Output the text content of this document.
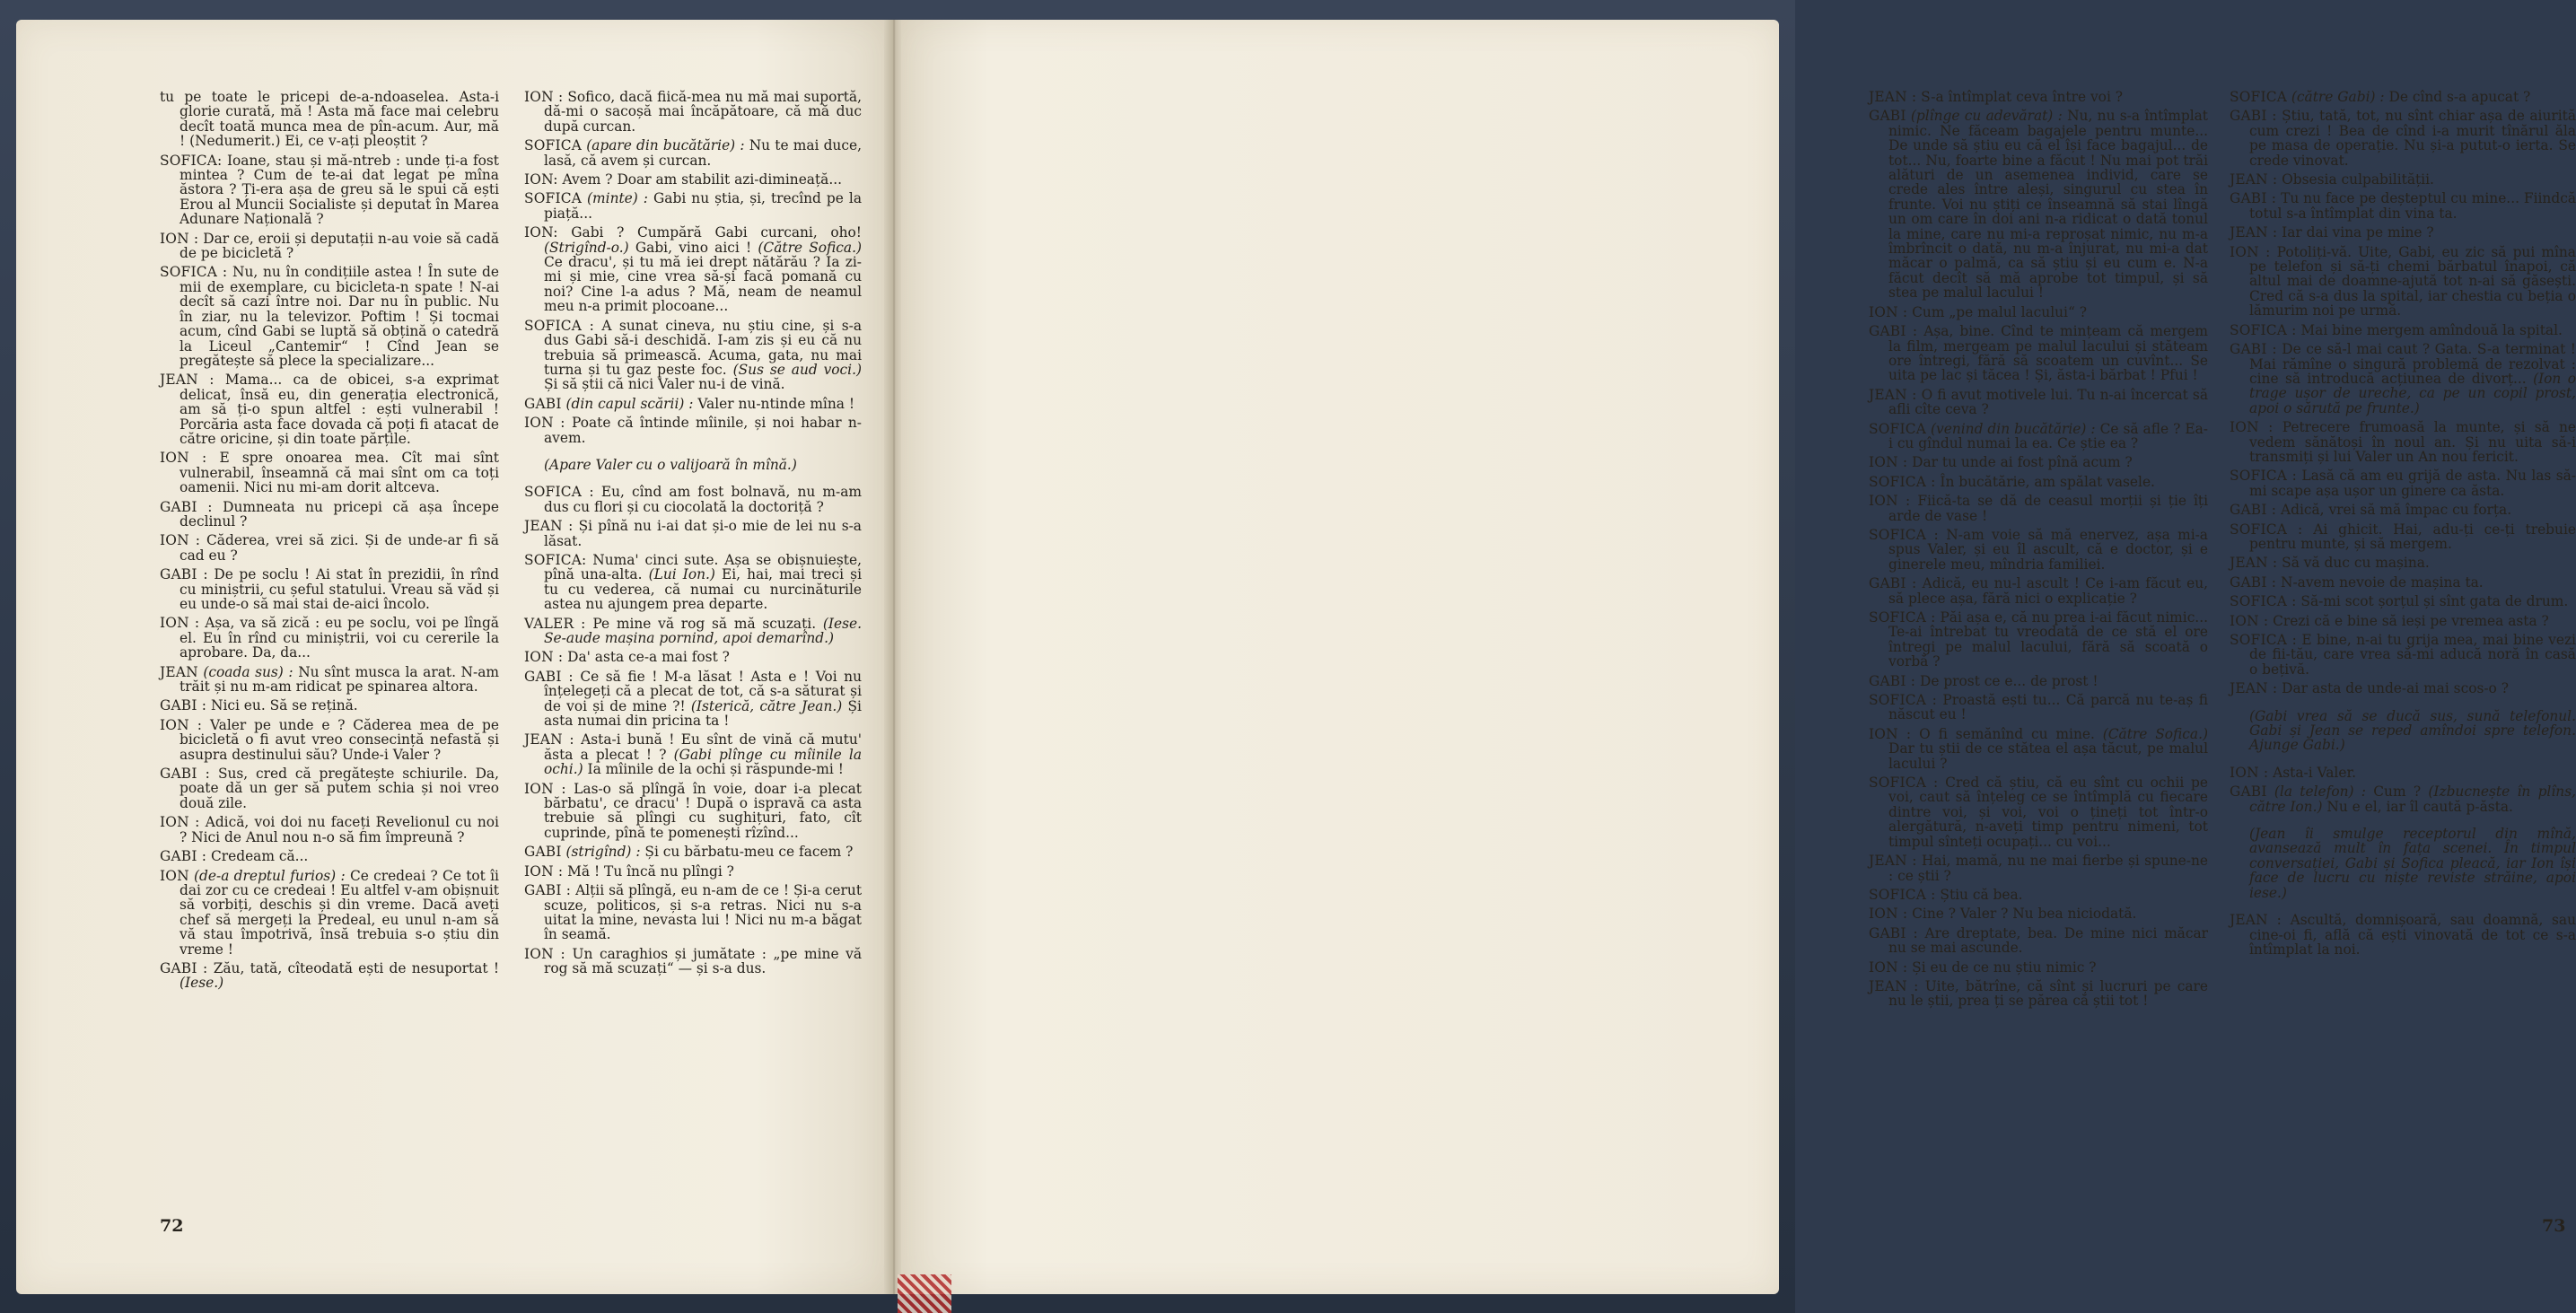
tu pe toate le pricepi de-a-ndoaselea. Asta-i glorie curată, mă ! Asta mă face mai celebru decît toată munca mea de pîn-acum. Aur, mă ! (Nedumerit.) Ei, ce v-ați pleoștit ?

SOFICA: Ioane, stau și mă-ntreb : unde ți-a fost mintea ? Cum de te-ai dat legat pe mîna ăstora ? Ți-era așa de greu să le spui că ești Erou al Muncii Socialiste și deputat în Marea Adunare Națională ?

ION : Dar ce, eroii și deputații n-au voie să cadă de pe bicicletă ?

SOFICA : Nu, nu în condițiile astea ! În sute de mii de exemplare, cu bicicleta-n spate ! N-ai decît să cazi între noi. Dar nu în public. Nu în ziar, nu la televizor. Poftim ! Și tocmai acum, cînd Gabi se luptă să obțină o catedră la Liceul „Cantemir“ ! Cînd Jean se pregătește să plece la specializare...

JEAN : Mama... ca de obicei, s-a exprimat delicat, însă eu, din generația electronică, am să ți-o spun altfel : ești vulnerabil ! Porcăria asta face dovada că poți fi atacat de către oricine, și din toate părțile.

ION : E spre onoarea mea. Cît mai sînt vulnerabil, înseamnă că mai sînt om ca toți oamenii. Nici nu mi-am dorit altceva.

GABI : Dumneata nu pricepi că așa începe declinul ?

ION : Căderea, vrei să zici. Și de unde-ar fi să cad eu ?

GABI : De pe soclu ! Ai stat în prezidii, în rînd cu miniștrii, cu șeful statului. Vreau să văd și eu unde-o să mai stai de-aici încolo.

ION : Așa, va să zică : eu pe soclu, voi pe lîngă el. Eu în rînd cu miniștrii, voi cu cererile la aprobare. Da, da...

JEAN (coada sus) : Nu sînt musca la arat. N-am trăit și nu m-am ridicat pe spinarea altora.

GABI : Nici eu. Să se rețină.

ION : Valer pe unde e ? Căderea mea de pe bicicletă o fi avut vreo consecință nefastă și asupra destinului său? Unde-i Valer ?

GABI : Sus, cred că pregătește schiurile. Da, poate dă un ger să putem schia și noi vreo două zile.

ION : Adică, voi doi nu faceți Revelionul cu noi ? Nici de Anul nou n-o să fim împreună ?

GABI : Credeam că...

ION (de-a dreptul furios) : Ce credeai ? Ce tot îi dai zor cu ce credeai ! Eu altfel v-am obișnuit să vorbiți, deschis și din vreme. Dacă aveți chef să mergeți la Predeal, eu unul n-am să vă stau împotrivă, însă trebuia s-o știu din vreme !

GABI : Zău, tată, cîteodată ești de nesuportat ! (Iese.)

ION : Sofico, dacă fiică-mea nu mă mai suportă, dă-mi o sacoșă mai încăpătoare, că mă duc după curcan.

SOFICA (apare din bucătărie) : Nu te mai duce, lasă, că avem și curcan.

ION: Avem ? Doar am stabilit azi-dimineață...

SOFICA (minte) : Gabi nu știa, și, trecînd pe la piață...

ION: Gabi ? Cumpără Gabi curcani, oho! (Strigînd-o.) Gabi, vino aici ! (Către Sofica.) Ce dracu', și tu mă iei drept nătărău ? Ia zi-mi și mie, cine vrea să-și facă pomană cu noi? Cine l-a adus ? Mă, neam de neamul meu n-a primit plocoane...

SOFICA : A sunat cineva, nu știu cine, și s-a dus Gabi să-i deschidă. I-am zis și eu că nu trebuia să primească. Acuma, gata, nu mai turna și tu gaz peste foc. (Sus se aud voci.) Și să știi că nici Valer nu-i de vină.

GABI (din capul scării) : Valer nu-ntinde mîna !

ION : Poate că întinde mîinile, și noi habar n-avem.

(Apare Valer cu o valijoară în mînă.)

SOFICA : Eu, cînd am fost bolnavă, nu m-am dus cu flori și cu ciocolată la doctoriță ?

JEAN : Și pînă nu i-ai dat și-o mie de lei nu s-a lăsat.

SOFICA: Numa' cinci sute. Așa se obișnuiește, pînă una-alta. (Lui Ion.) Ei, hai, mai treci și tu cu vederea, că numai cu nurcinăturile astea nu ajungem prea departe.

VALER : Pe mine vă rog să mă scuzați. (Iese. Se-aude mașina pornind, apoi demarînd.)

ION : Da' asta ce-a mai fost ?

GABI : Ce să fie ! M-a lăsat ! Asta e ! Voi nu înțelegeți că a plecat de tot, că s-a săturat și de voi și de mine ?! (Isterică, către Jean.) Și asta numai din pricina ta !

JEAN : Asta-i bună ! Eu sînt de vină că mutu' ăsta a plecat ! ? (Gabi plînge cu mîinile la ochi.) Ia mîinile de la ochi și răspunde-mi !

ION : Las-o să plîngă în voie, doar i-a plecat bărbatu', ce dracu' ! După o ispravă ca asta trebuie să plîngi cu sughițuri, fato, cît cuprinde, pînă te pomenești rîzînd...

GABI (strigînd) : Și cu bărbatu-meu ce facem ?

ION : Mă ! Tu încă nu plîngi ?

GABI : Alții să plîngă, eu n-am de ce ! Și-a cerut scuze, politicos, și s-a retras. Nici nu s-a uitat la mine, nevasta lui ! Nici nu m-a băgat în seamă.

ION : Un caraghios și jumătate : „pe mine vă rog să mă scuzați“ — și s-a dus.

72

JEAN : S-a întîmplat ceva între voi ?

GABI (plînge cu adevărat) : Nu, nu s-a întîmplat nimic. Ne făceam bagajele pentru munte... De unde să știu eu că el își face bagajul... de tot... Nu, foarte bine a făcut ! Nu mai pot trăi alături de un asemenea individ, care se crede ales între aleși, singurul cu stea în frunte. Voi nu știți ce înseamnă să stai lîngă un om care în doi ani n-a ridicat o dată tonul la mine, care nu mi-a reproșat nimic, nu m-a îmbrîncit o dată, nu m-a înjurat, nu mi-a dat măcar o palmă, ca să știu și eu cum e. N-a făcut decît să mă aprobe tot timpul, și să stea pe malul lacului !

ION : Cum „pe malul lacului“ ?

GABI : Așa, bine. Cînd te mințeam că mergem la film, mergeam pe malul lacului și stăteam ore întregi, fără să scoatem un cuvînt... Se uita pe lac și tăcea ! Și, ăsta-i bărbat ! Pfui !

JEAN : O fi avut motivele lui. Tu n-ai încercat să afli cîte ceva ?

SOFICA (venind din bucătărie) : Ce să afle ? Ea-i cu gîndul numai la ea. Ce știe ea ?

ION : Dar tu unde ai fost pînă acum ?

SOFICA : În bucătărie, am spălat vasele.

ION : Fiică-ta se dă de ceasul morții și ție îți arde de vase !

SOFICA : N-am voie să mă enervez, așa mi-a spus Valer, și eu îl ascult, că e doctor, și e ginerele meu, mîndria familiei.

GABI : Adică, eu nu-l ascult ! Ce i-am făcut eu, să plece așa, fără nici o explicație ?

SOFICA : Păi așa e, că nu prea i-ai făcut nimic... Te-ai întrebat tu vreodată de ce stă el ore întregi pe malul lacului, fără să scoată o vorbă ?

GABI : De prost ce e... de prost !

SOFICA : Proastă ești tu... Că parcă nu te-aș fi născut eu !

ION : O fi semănînd cu mine. (Către Sofica.) Dar tu știi de ce stătea el așa tăcut, pe malul lacului ?

SOFICA : Cred că știu, că eu sînt cu ochii pe voi, caut să înțeleg ce se întîmplă cu fiecare dintre voi, și voi, voi o țineți tot într-o alergătură, n-aveți timp pentru nimeni, tot timpul sînteți ocupați... cu voi...

JEAN : Hai, mamă, nu ne mai fierbe și spune-ne : ce știi ?

SOFICA : Știu că bea.

ION : Cine ? Valer ? Nu bea niciodată.

GABI : Are dreptate, bea. De mine nici măcar nu se mai ascunde.

ION : Și eu de ce nu știu nimic ?

JEAN : Uite, bătrîne, că sînt și lucruri pe care nu le știi, prea ți se părea că știi tot !

SOFICA (către Gabi) : De cînd s-a apucat ?

GABI : Știu, tată, tot, nu sînt chiar așa de aiurită cum crezi ! Bea de cînd i-a murit tînărul ăla pe masa de operație. Nu și-a putut-o ierta. Se crede vinovat.

JEAN : Obsesia culpabilității.

GABI : Tu nu face pe deșteptul cu mine... Fiindcă totul s-a întîmplat din vina ta.

JEAN : Iar dai vina pe mine ?

ION : Potoliți-vă. Uite, Gabi, eu zic să pui mîna pe telefon și să-ți chemi bărbatul înapoi, că altul mai de doamne-ajută tot n-ai să găsești. Cred că s-a dus la spital, iar chestia cu beția o lămurim noi pe urmă.

SOFICA : Mai bine mergem amîndouă la spital.

GABI : De ce să-l mai caut ? Gata. S-a terminat ! Mai rămîne o singură problemă de rezolvat : cine să introducă acțiunea de divorț... (Ion o trage ușor de ureche, ca pe un copil prost, apoi o sărută pe frunte.)

ION : Petrecere frumoasă la munte, și să ne vedem sănătoși în noul an. Și nu uita să-i transmiți și lui Valer un An nou fericit.

SOFICA : Lasă că am eu grijă de asta. Nu las să-mi scape așa ușor un ginere ca ăsta.

GABI : Adică, vrei să mă împac cu forța.

SOFICA : Ai ghicit. Hai, adu-ți ce-ți trebuie pentru munte, și să mergem.

JEAN : Să vă duc cu mașina.

GABI : N-avem nevoie de mașina ta.

SOFICA : Să-mi scot șorțul și sînt gata de drum.

ION : Crezi că e bine să ieși pe vremea asta ?

SOFICA : E bine, n-ai tu grija mea, mai bine vezi de fii-tău, care vrea să-mi aducă noră în casă o bețivă.

JEAN : Dar asta de unde-ai mai scos-o ?

(Gabi vrea să se ducă sus, sună telefonul. Gabi și Jean se reped amîndoi spre telefon. Ajunge Gabi.)

ION : Asta-i Valer.

GABI (la telefon) : Cum ? (Izbucnește în plîns, către Ion.) Nu e el, iar îl caută p-ăsta.

(Jean îi smulge receptorul din mînă, avansează mult în fața scenei. În timpul conversației, Gabi și Sofica pleacă, iar Ion își face de lucru cu niște reviste străine, apoi iese.)

JEAN : Ascultă, domnișoară, sau doamnă, sau cine-oi fi, află că ești vinovată de tot ce s-a întîmplat la noi.

73
